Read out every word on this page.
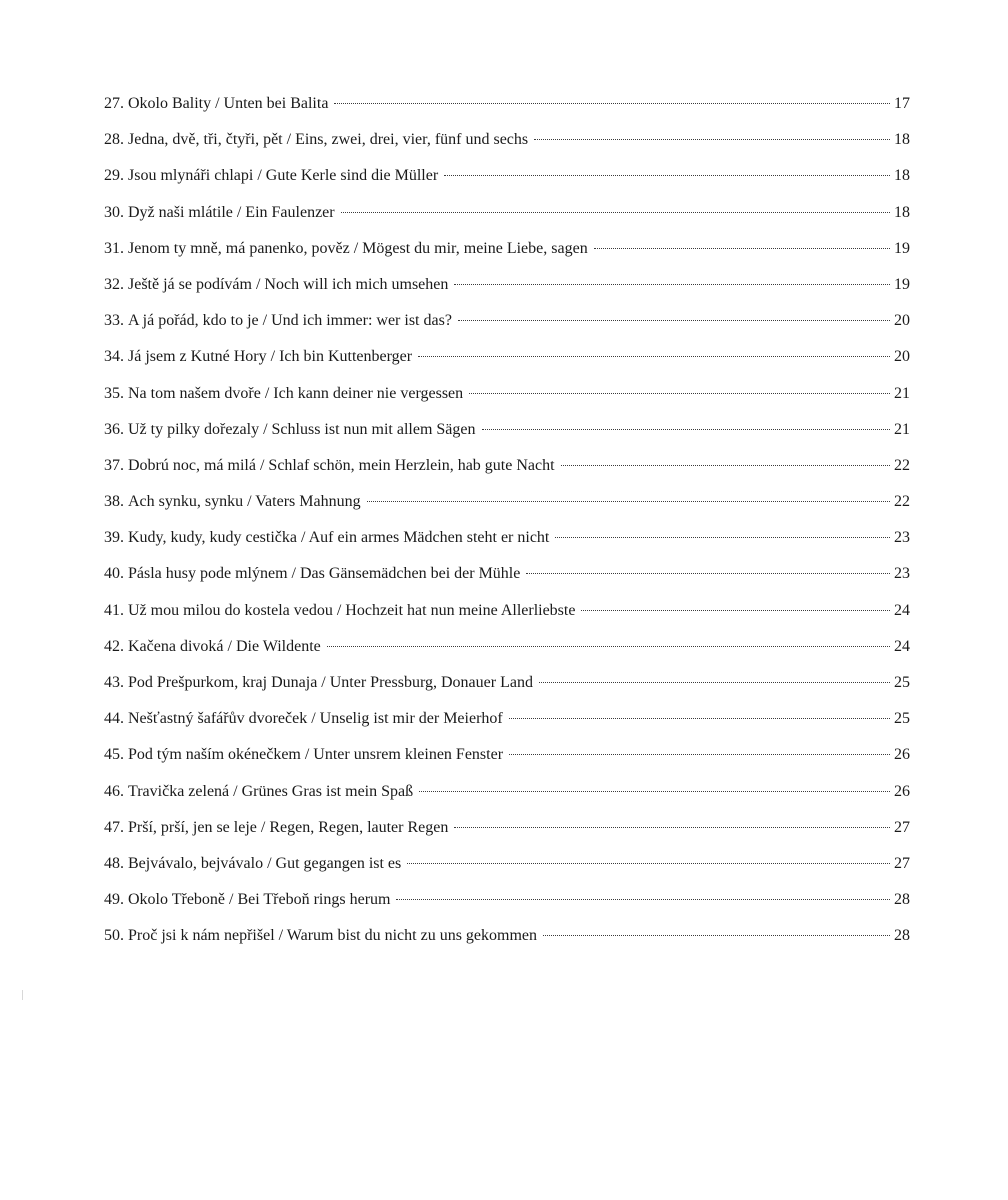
27. Okolo Bality / Unten bei Balita	17
28. Jedna, dvě, tři, čtyři, pět / Eins, zwei, drei, vier, fünf und sechs	18
29. Jsou mlynáři chlapi / Gute Kerle sind die Müller	18
30. Dyž naši mlátile / Ein Faulenzer	18
31. Jenom ty mně, má panenko, pověz / Mögest du mir, meine Liebe, sagen	19
32. Ještě já se podívám / Noch will ich mich umsehen	19
33. A já pořád, kdo to je / Und ich immer: wer ist das?	20
34. Já jsem z Kutné Hory / Ich bin Kuttenberger	20
35. Na tom našem dvoře / Ich kann deiner nie vergessen	21
36. Už ty pilky dořezaly / Schluss ist nun mit allem Sägen	21
37. Dobrú noc, má milá / Schlaf schön, mein Herzlein, hab gute Nacht	22
38. Ach synku, synku / Vaters Mahnung	22
39. Kudy, kudy, kudy cestička / Auf ein armes Mädchen steht er nicht	23
40. Pásla husy pode mlýnem / Das Gänsemädchen bei der Mühle	23
41. Už mou milou do kostela vedou / Hochzeit hat nun meine Allerliebste	24
42. Kačena divoká / Die Wildente	24
43. Pod Prešpurkom, kraj Dunaja / Unter Pressburg, Donauer Land	25
44. Nešťastný šafářův dvoreček / Unselig ist mir der Meierhof	25
45. Pod tým naším okénečkem / Unter unsrem kleinen Fenster	26
46. Travička zelená / Grünes Gras ist mein Spaß	26
47. Prší, prší, jen se leje / Regen, Regen, lauter Regen	27
48. Bejvávalo, bejvávalo / Gut gegangen ist es	27
49. Okolo Třeboně / Bei Třeboň rings herum	28
50. Proč jsi k nám nepřišel / Warum bist du nicht zu uns gekommen	28
